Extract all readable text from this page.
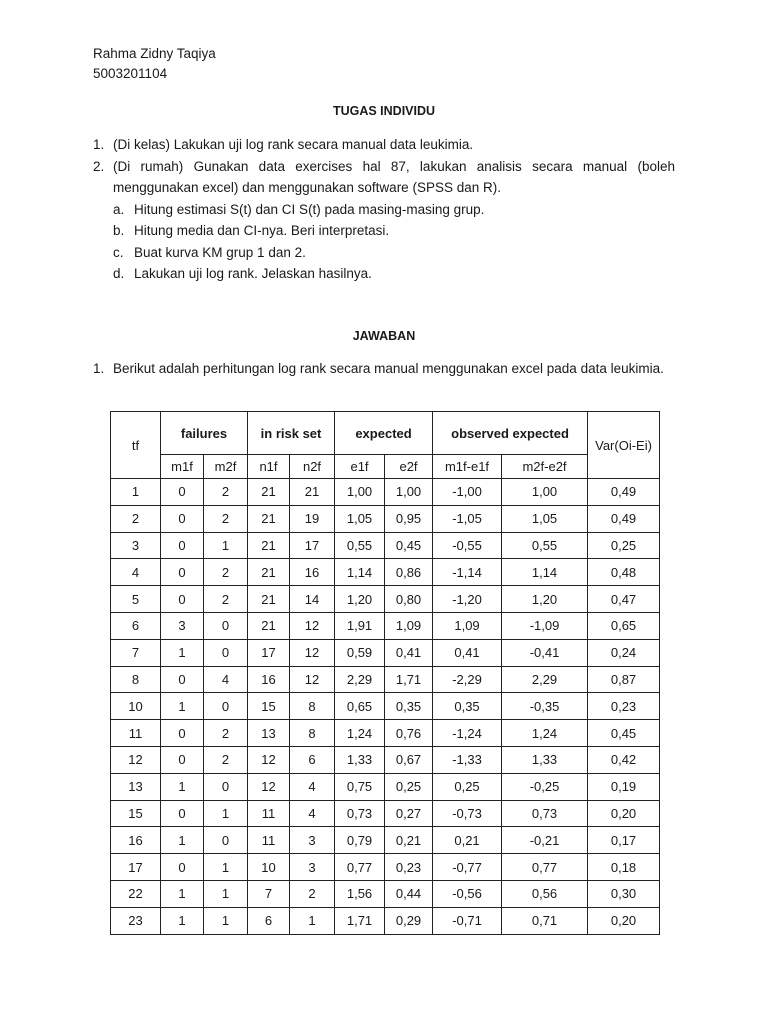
Rahma Zidny Taqiya
5003201104
TUGAS INDIVIDU
1. (Di kelas) Lakukan uji log rank secara manual data leukimia.
2. (Di rumah) Gunakan data exercises hal 87, lakukan analisis secara manual (boleh menggunakan excel) dan menggunakan software (SPSS dan R).
a. Hitung estimasi S(t) dan CI S(t) pada masing-masing grup.
b. Hitung media dan CI-nya. Beri interpretasi.
c. Buat kurva KM grup 1 dan 2.
d. Lakukan uji log rank. Jelaskan hasilnya.
JAWABAN
1. Berikut adalah perhitungan log rank secara manual menggunakan excel pada data leukimia.
tf	failures		in risk set		expected		observed expected		Var(Oi-Ei)
	m1f	m2f	n1f	n2f	e1f	e2f	m1f-e1f	m2f-e2f	
1	0	2	21	21	1,00	1,00	-1,00	1,00	0,49
2	0	2	21	19	1,05	0,95	-1,05	1,05	0,49
3	0	1	21	17	0,55	0,45	-0,55	0,55	0,25
4	0	2	21	16	1,14	0,86	-1,14	1,14	0,48
5	0	2	21	14	1,20	0,80	-1,20	1,20	0,47
6	3	0	21	12	1,91	1,09	1,09	-1,09	0,65
7	1	0	17	12	0,59	0,41	0,41	-0,41	0,24
8	0	4	16	12	2,29	1,71	-2,29	2,29	0,87
10	1	0	15	8	0,65	0,35	0,35	-0,35	0,23
11	0	2	13	8	1,24	0,76	-1,24	1,24	0,45
12	0	2	12	6	1,33	0,67	-1,33	1,33	0,42
13	1	0	12	4	0,75	0,25	0,25	-0,25	0,19
15	0	1	11	4	0,73	0,27	-0,73	0,73	0,20
16	1	0	11	3	0,79	0,21	0,21	-0,21	0,17
17	0	1	10	3	0,77	0,23	-0,77	0,77	0,18
22	1	1	7	2	1,56	0,44	-0,56	0,56	0,30
23	1	1	6	1	1,71	0,29	-0,71	0,71	0,20
